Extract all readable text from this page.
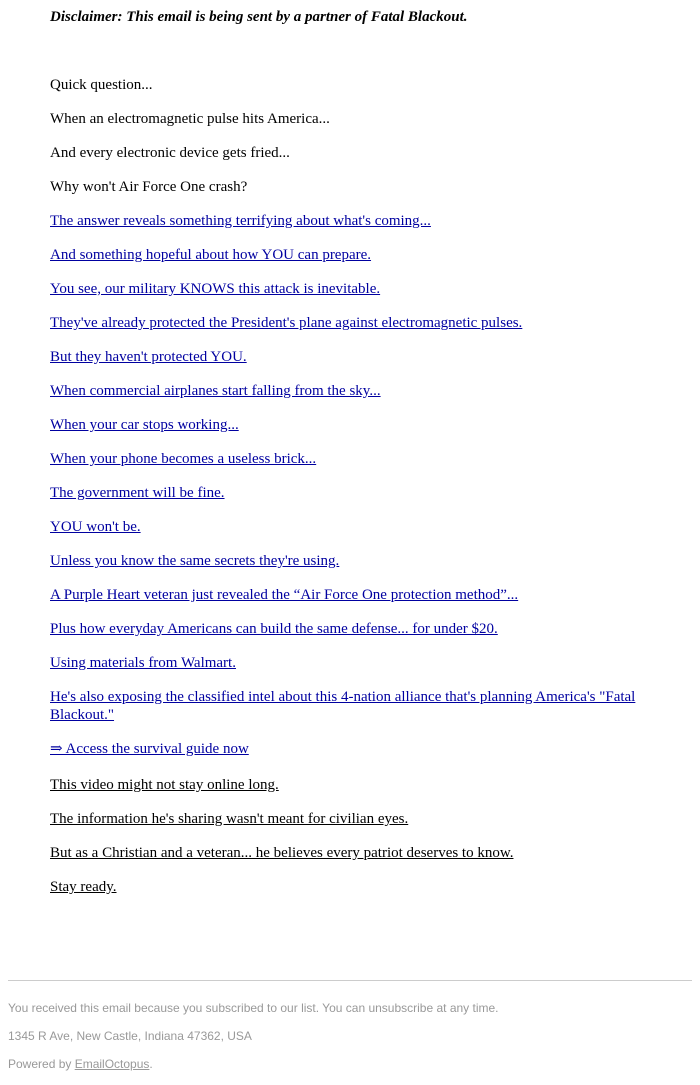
Disclaimer: This email is being sent by a partner of Fatal Blackout.

Quick question...

When an electromagnetic pulse hits America...

And every electronic device gets fried...

Why won't Air Force One crash?

The answer reveals something terrifying about what's coming...

And something hopeful about how YOU can prepare.

You see, our military KNOWS this attack is inevitable.

They've already protected the President's plane against electromagnetic pulses.

But they haven't protected YOU.

When commercial airplanes start falling from the sky...

When your car stops working...

When your phone becomes a useless brick...

The government will be fine.

YOU won't be.

Unless you know the same secrets they're using.

A Purple Heart veteran just revealed the “Air Force One protection method”...

Plus how everyday Americans can build the same defense... for under $20.

Using materials from Walmart.

He's also exposing the classified intel about this 4-nation alliance that's planning America's "Fatal Blackout."

⇒ Access the survival guide now

This video might not stay online long.

The information he's sharing wasn't meant for civilian eyes.

But as a Christian and a veteran... he believes every patriot deserves to know.

Stay ready.

You received this email because you subscribed to our list. You can unsubscribe at any time.

1345 R Ave, New Castle, Indiana 47362, USA

Powered by EmailOctopus.
